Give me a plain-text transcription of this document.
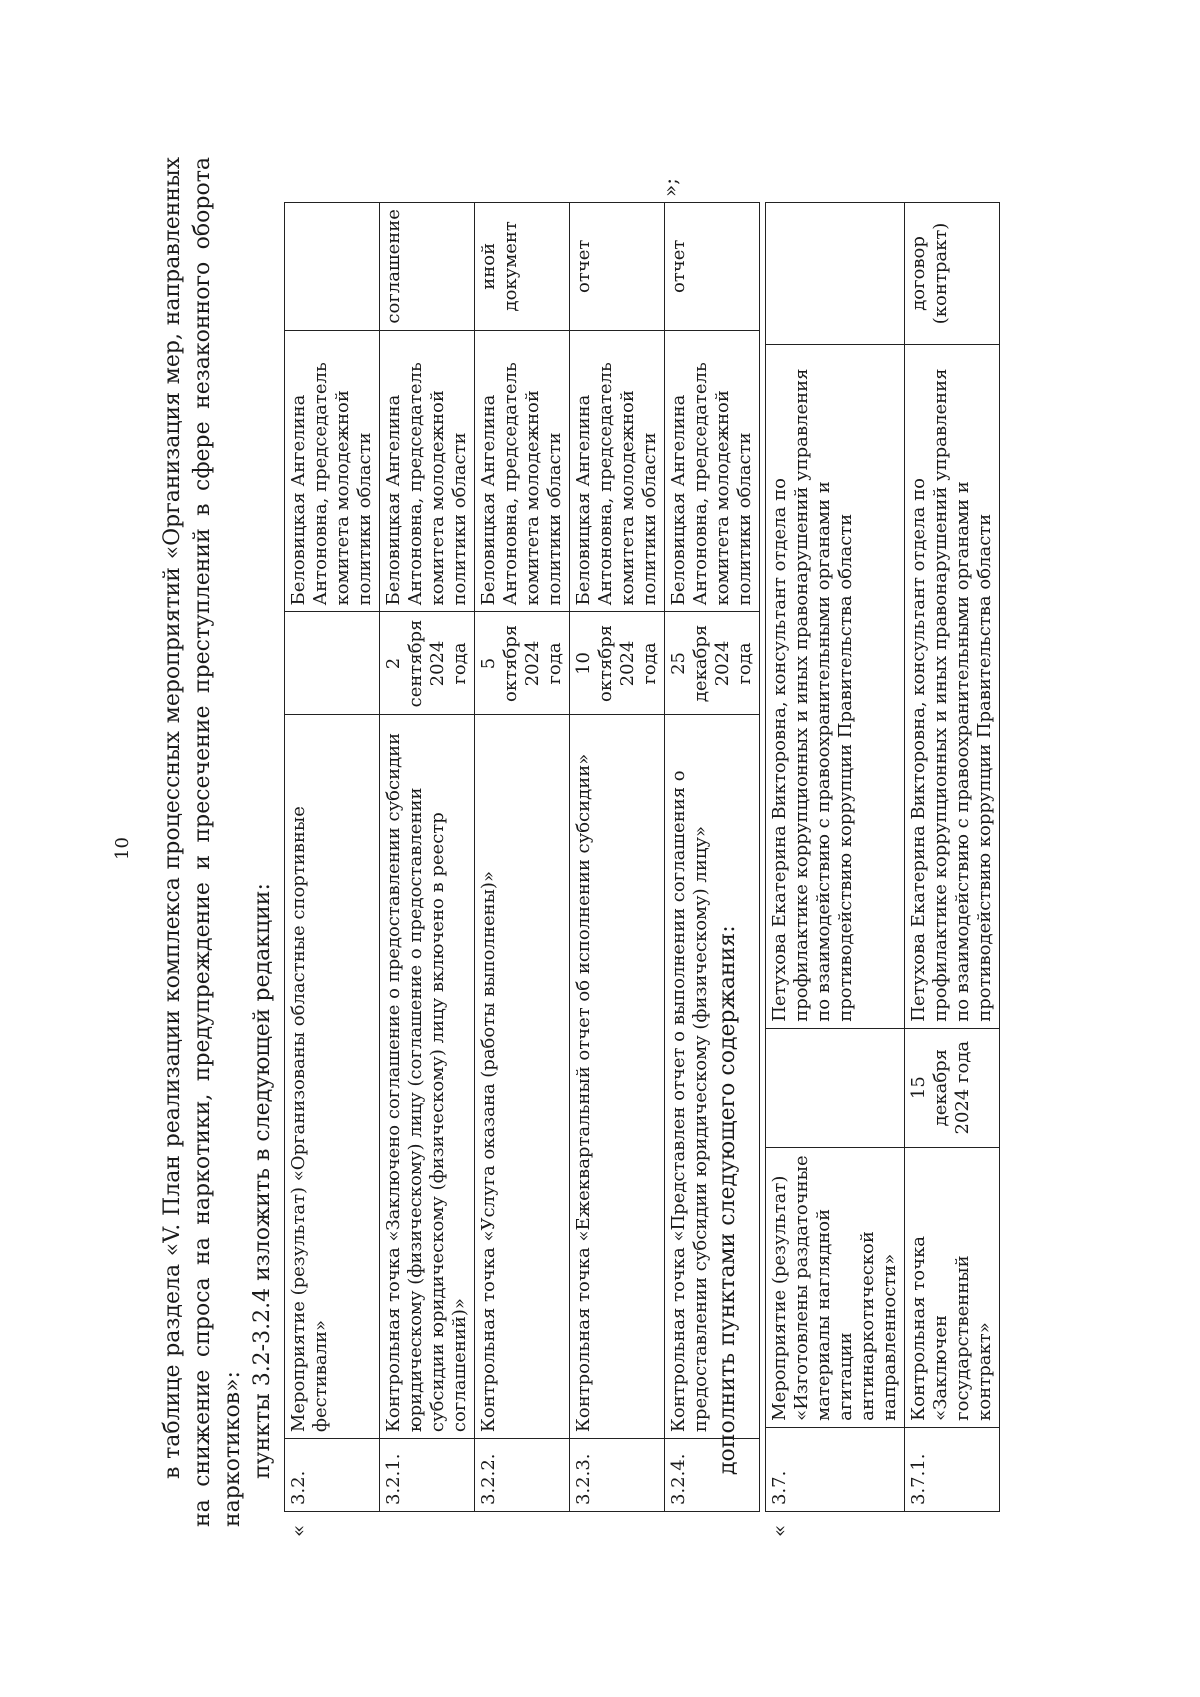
10 в таблице раздела «V. План реализации комплекса процессных мероприятий «Организация мер, направленных на снижение спроса на наркотики, предупреждение и пресечение преступлений в сфере незаконного оборота наркотиков»: пункты 3.2-3.2.4 изложить в следующей редакции:

«
3.2.	Мероприятие (результат) «Организованы областные спортивные фестивали»		Беловицкая Ангелина Антоновна, председатель комитета молодежной политики области	
3.2.1.	Контрольная точка «Заключено соглашение о предоставлении субсидии юридическому (физическому) лицу (соглашение о предоставлении субсидии юридическому (физическому) лицу включено в реестр соглашений)»	2 сентября 2024 года	Беловицкая Ангелина Антоновна, председатель комитета молодежной политики области	соглашение
3.2.2.	Контрольная точка «Услуга оказана (работы выполнены)»	5 октября 2024 года	Беловицкая Ангелина Антоновна, председатель комитета молодежной политики области	иной документ
3.2.3.	Контрольная точка «Ежеквартальный отчет об исполнении субсидии»	10 октября 2024 года	Беловицкая Ангелина Антоновна, председатель комитета молодежной политики области	отчет
3.2.4.	Контрольная точка «Представлен отчет о выполнении соглашения о предоставлении субсидии юридическому (физическому) лицу»	25 декабря 2024 года	Беловицкая Ангелина Антоновна, председатель комитета молодежной политики области	отчет
»;
дополнить пунктами следующего содержания:
«
3.7.	Мероприятие (результат) «Изготовлены раздаточные материалы наглядной агитации антинаркотической направленности»		Петухова Екатерина Викторовна, консультант отдела по профилактике коррупционных и иных правонарушений управления по взаимодействию с правоохранительными органами и противодействию коррупции Правительства области	
3.7.1.	Контрольная точка «Заключен государственный контракт»	15 декабря 2024 года	Петухова Екатерина Викторовна, консультант отдела по профилактике коррупционных и иных правонарушений управления по взаимодействию с правоохранительными органами и противодействию коррупции Правительства области	договор (контракт)
